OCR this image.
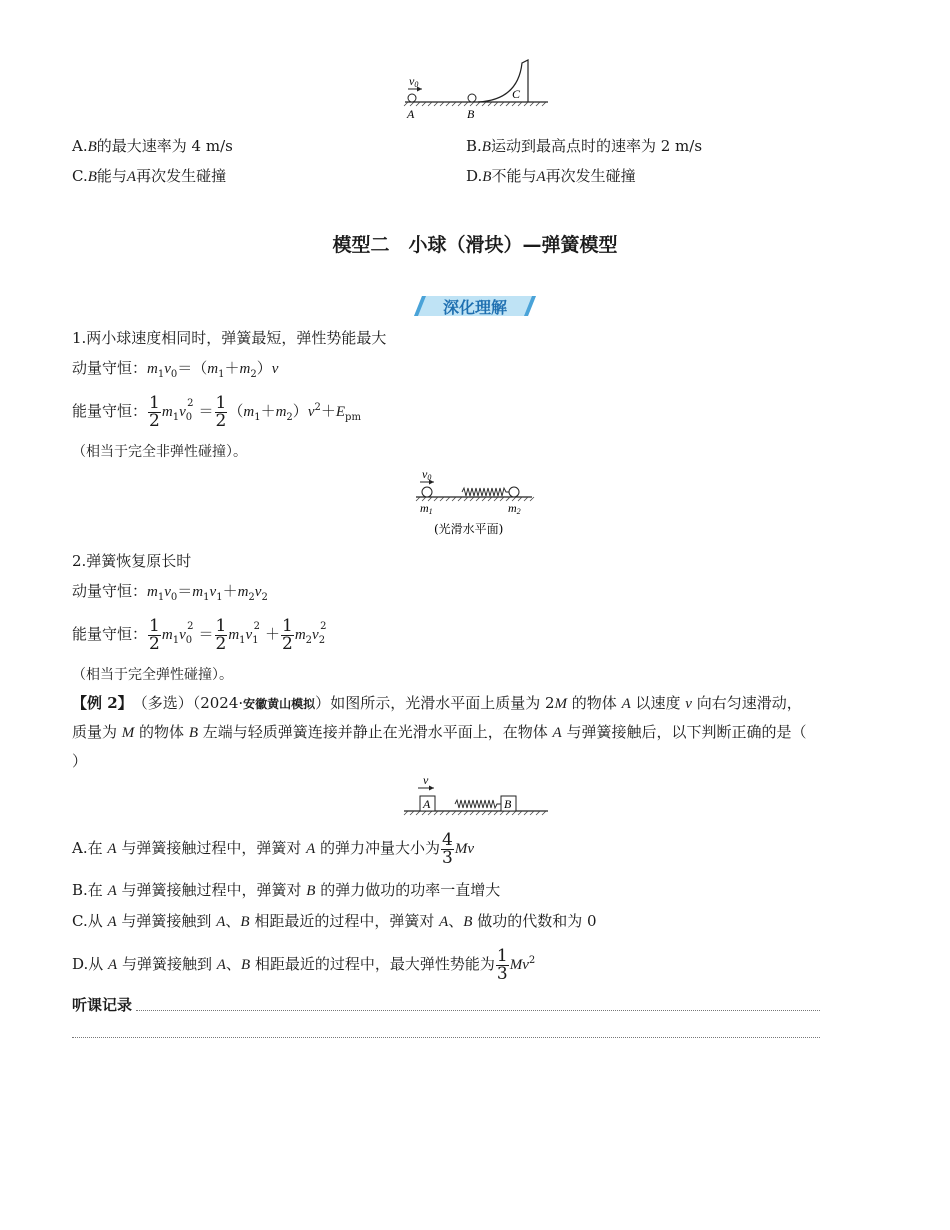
v0
A	B
C
A.B的最大速率为 4 m/s	B.B运动到最高点时的速率为 2 m/s
C.B能与A再次发生碰撞	D.B不能与A再次发生碰撞
模型二　小球（滑块）—弹簧模型
深化理解
1.两小球速度相同时，弹簧最短，弹性势能最大
动量守恒：$m_1v_0=(m_1+m_2)v$
能量守恒： $\frac{1}{2} m_1v_0^2 = \frac{1}{2} (m_1+m_2)v^2+E_{pm}$
（相当于完全非弹性碰撞）。
v0
m1	m2
(光滑水平面)
2.弹簧恢复原长时
动量守恒：$m_1v_0=m_1v_1+m_2v_2$
能量守恒： $\frac{1}{2} m_1v_0^2 = \frac{1}{2} m_1v_1^2 + \frac{1}{2} m_2v_2^2$
（相当于完全弹性碰撞）。
【例 2】　 （多选）（2024·安徽黄山模拟）如图所示，光滑水平面上质量为 2M 的物体 A 以速度 v 向右匀速滑动，
质量为 M 的物体 B 左端与轻质弹簧连接并静止在光滑水平面上，在物体 A 与弹簧接触后，以下判断正确的是（
）
v
A	B
A.在 A 与弹簧接触过程中，弹簧对 A 的弹力冲量大小为 $\frac{4}{3}$ Mv
B.在 A 与弹簧接触过程中，弹簧对 B 的弹力做功的功率一直增大
C.从 A 与弹簧接触到 A、B 相距最近的过程中，弹簧对 A、B 做功的代数和为 0
D.从 A 与弹簧接触到 A、B 相距最近的过程中，最大弹性势能为 $\frac{1}{3} Mv^2$
听课记录
